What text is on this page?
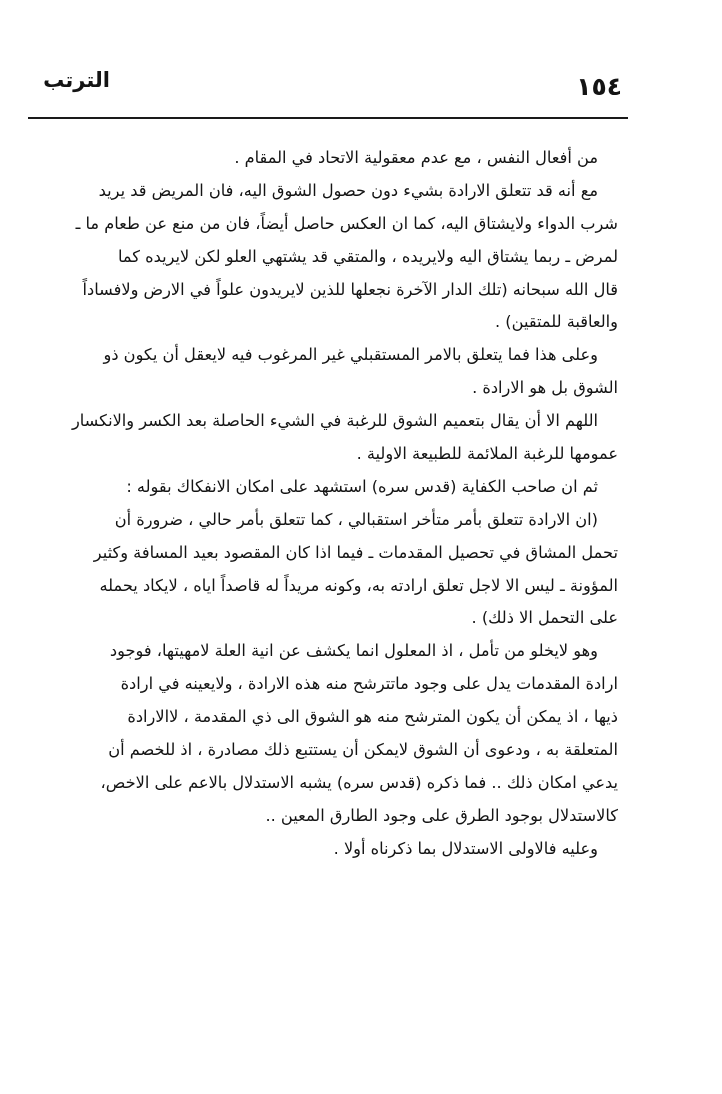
١٥٤
الترتب
من أفعال النفس ، مع عدم معقولية الاتحاد في المقام .
مع أنه قد تتعلق الارادة بشيء دون حصول الشوق اليه، فان المريض قد يريد
شرب الدواء ولايشتاق اليه، كما ان العكس حاصل أيضاً، فان من منع عن طعام ما ـ
لمرض ـ ربما يشتاق اليه ولايريده ، والمتقي قد يشتهي العلو لكن لايريده كما
قال الله سبحانه (تلك الدار الآخرة نجعلها للذين لايريدون علواً في الارض ولافساداً
والعاقبة للمتقين) .
وعلى هذا فما يتعلق بالامر المستقبلي غير المرغوب فيه لايعقل أن يكون ذو
الشوق بل هو الارادة .
اللهم الا أن يقال بتعميم الشوق للرغبة في الشيء الحاصلة بعد الكسر والانكسار
عمومها للرغبة الملائمة للطبيعة الاولية .
ثم ان صاحب الكفاية (قدس سره) استشهد على امكان الانفكاك بقوله :
(ان الارادة تتعلق بأمر متأخر استقبالي ، كما تتعلق بأمر حالي ، ضرورة أن
تحمل المشاق في تحصيل المقدمات ـ فيما اذا كان المقصود بعيد المسافة وكثير
المؤونة ـ ليس الا لاجل تعلق ارادته به، وكونه مريداً له قاصداً اياه ، لايكاد يحمله
على التحمل الا ذلك) .
وهو لايخلو من تأمل ، اذ المعلول انما يكشف عن انية العلة لامهيتها، فوجود
ارادة المقدمات يدل على وجود ماتترشح منه هذه الارادة ، ولايعينه في ارادة
ذيها ، اذ يمكن أن يكون المترشح منه هو الشوق الى ذي المقدمة ، لاالارادة
المتعلقة به ، ودعوى أن الشوق لايمكن أن يستتبع ذلك مصادرة ، اذ للخصم أن
يدعي امكان ذلك .. فما ذكره (قدس سره) يشبه الاستدلال بالاعم على الاخص،
كالاستدلال بوجود الطرق على وجود الطارق المعين ..
وعليه فالاولى الاستدلال بما ذكرناه أولا .
